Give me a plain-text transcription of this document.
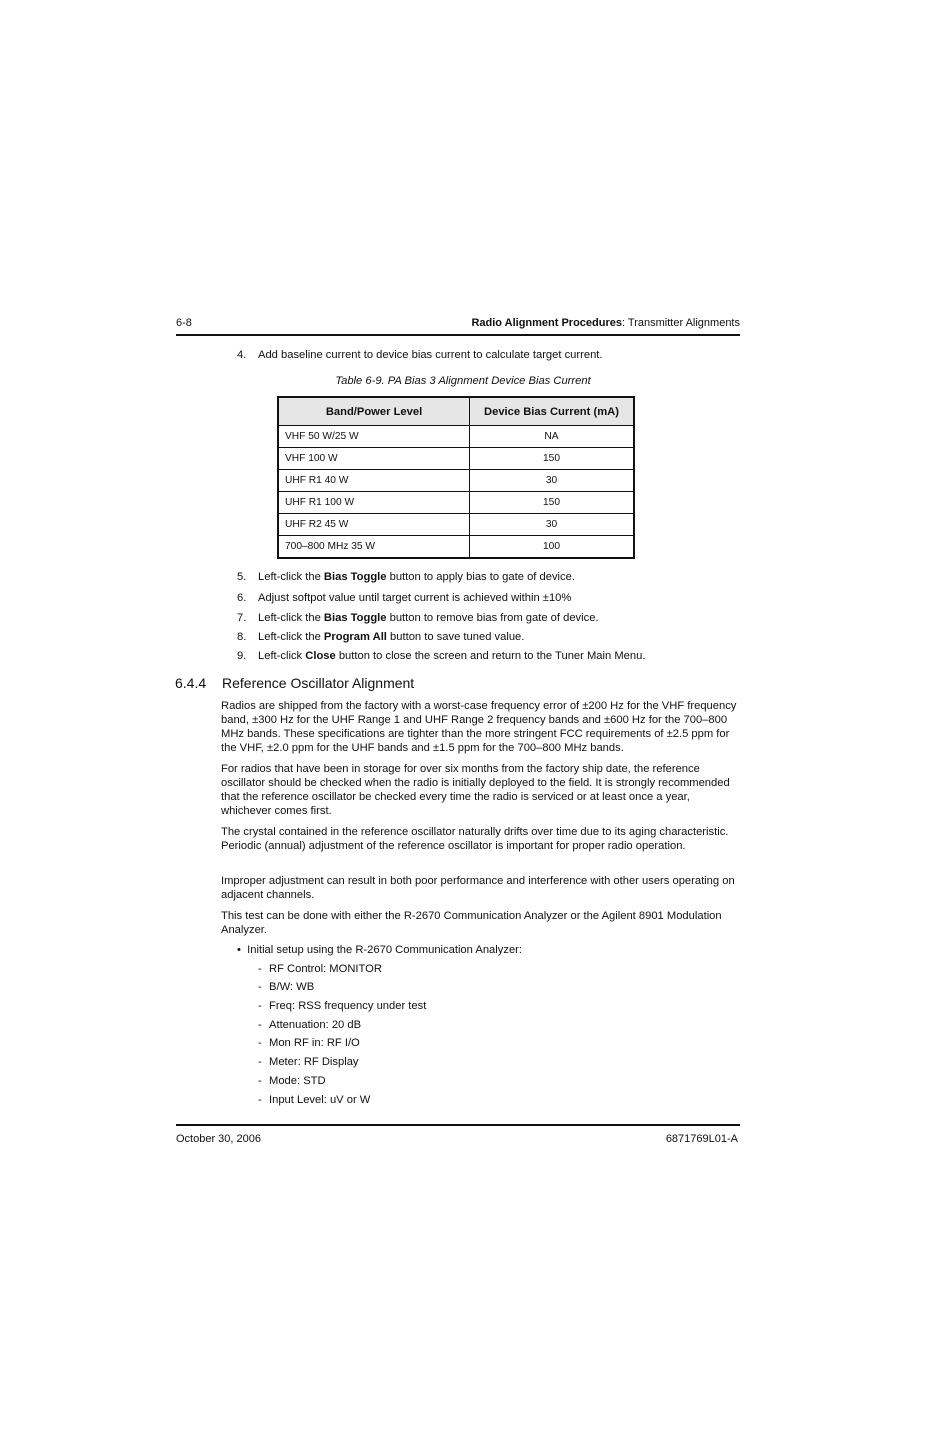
6-8	Radio Alignment Procedures: Transmitter Alignments
4. Add baseline current to device bias current to calculate target current.
Table 6-9. PA Bias 3 Alignment Device Bias Current
Band/Power Level	Device Bias Current (mA)
VHF 50 W/25 W	NA
VHF 100 W	150
UHF R1 40 W	30
UHF R1 100 W	150
UHF R2 45 W	30
700–800 MHz 35 W	100
5. Left-click the Bias Toggle button to apply bias to gate of device.
6. Adjust softpot value until target current is achieved within ±10%
7. Left-click the Bias Toggle button to remove bias from gate of device.
8. Left-click the Program All button to save tuned value.
9. Left-click Close button to close the screen and return to the Tuner Main Menu.
6.4.4 Reference Oscillator Alignment
Radios are shipped from the factory with a worst-case frequency error of ±200 Hz for the VHF frequency band, ±300 Hz for the UHF Range 1 and UHF Range 2 frequency bands and ±600 Hz for the 700–800 MHz bands. These specifications are tighter than the more stringent FCC requirements of ±2.5 ppm for the VHF, ±2.0 ppm for the UHF bands and ±1.5 ppm for the 700–800 MHz bands.
For radios that have been in storage for over six months from the factory ship date, the reference oscillator should be checked when the radio is initially deployed to the field. It is strongly recommended that the reference oscillator be checked every time the radio is serviced or at least once a year, whichever comes first.
The crystal contained in the reference oscillator naturally drifts over time due to its aging characteristic. Periodic (annual) adjustment of the reference oscillator is important for proper radio operation.
Improper adjustment can result in both poor performance and interference with other users operating on adjacent channels.
This test can be done with either the R-2670 Communication Analyzer or the Agilent 8901 Modulation Analyzer.
•  Initial setup using the R-2670 Communication Analyzer:
- RF Control: MONITOR
- B/W: WB
- Freq: RSS frequency under test
- Attenuation: 20 dB
- Mon RF in: RF I/O
- Meter: RF Display
- Mode: STD
- Input Level: uV or W
October 30, 2006	6871769L01-A
